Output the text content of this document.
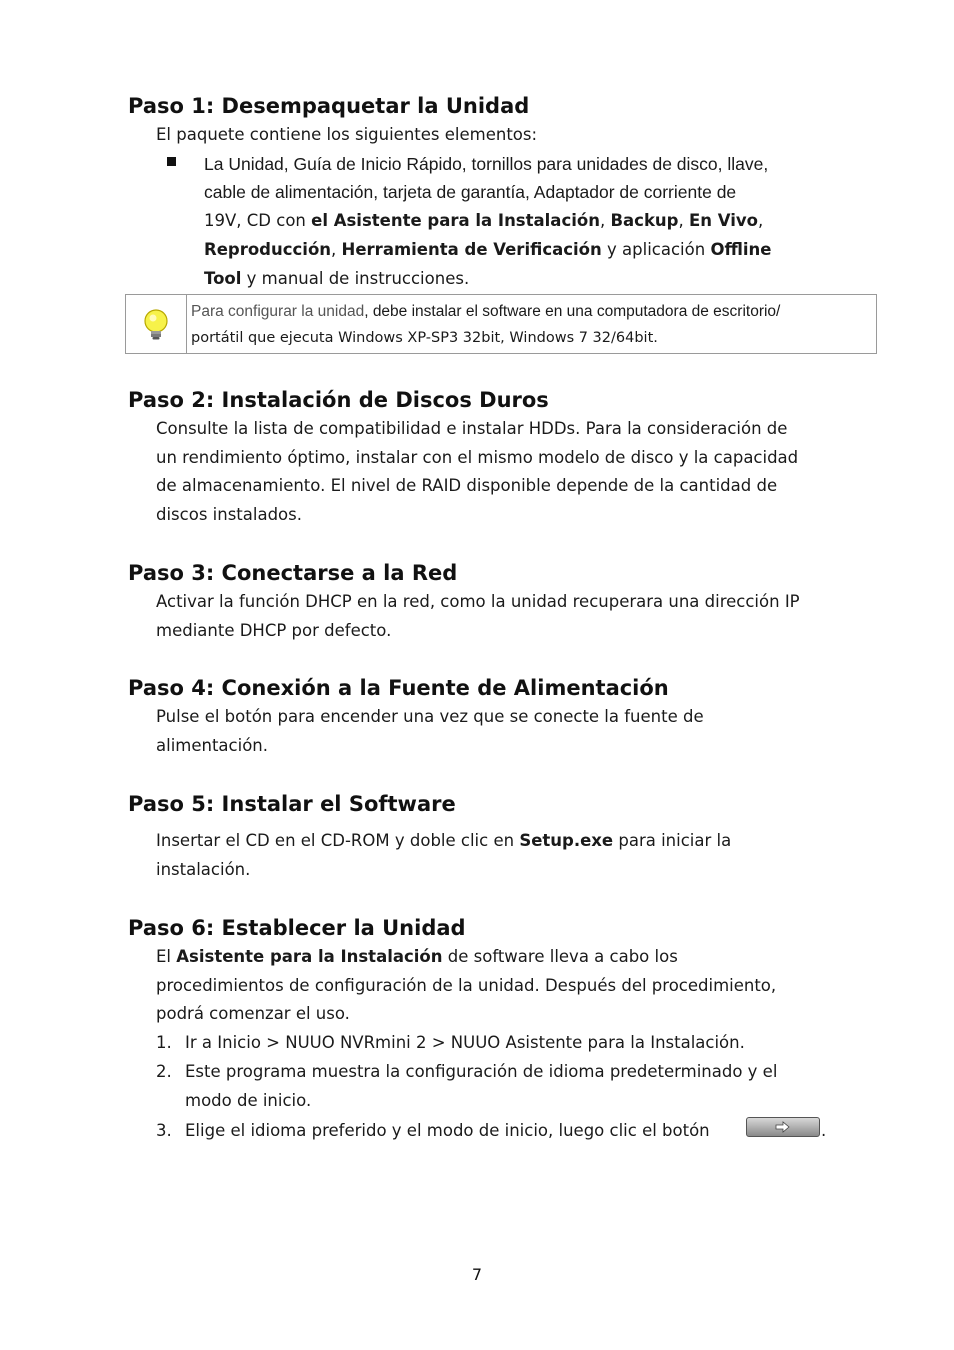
Paso 1: Desempaquetar la Unidad
El paquete contiene los siguientes elementos:
La Unidad, Guía de Inicio Rápido, tornillos para unidades de disco, llave,
cable de alimentación, tarjeta de garantía, Adaptador de corriente de
19V, CD con el Asistente para la Instalación, Backup, En Vivo,
Reproducción, Herramienta de Verificación y aplicación Offline
Tool y manual de instrucciones.
Para configurar la unidad, debe instalar el software en una computadora de escritorio/
portátil que ejecuta Windows XP-SP3 32bit, Windows 7 32/64bit.
Paso 2: Instalación de Discos Duros
Consulte la lista de compatibilidad e instalar HDDs. Para la consideración de
un rendimiento óptimo, instalar con el mismo modelo de disco y la capacidad
de almacenamiento. El nivel de RAID disponible depende de la cantidad de
discos instalados.
Paso 3: Conectarse a la Red
Activar la función DHCP en la red, como la unidad recuperara una dirección IP
mediante DHCP por defecto.
Paso 4: Conexión a la Fuente de Alimentación
Pulse el botón para encender una vez que se conecte la fuente de
alimentación.
Paso 5: Instalar el Software
Insertar el CD en el CD-ROM y doble clic en Setup.exe para iniciar la
instalación.
Paso 6: Establecer la Unidad
El Asistente para la Instalación de software lleva a cabo los
procedimientos de configuración de la unidad. Después del procedimiento,
podrá comenzar el uso.
1. Ir a Inicio > NUUO NVRmini 2 > NUUO Asistente para la Instalación.
2. Este programa muestra la configuración de idioma predeterminado y el
modo de inicio.
3. Elige el idioma preferido y el modo de inicio, luego clic el botón	.
7
